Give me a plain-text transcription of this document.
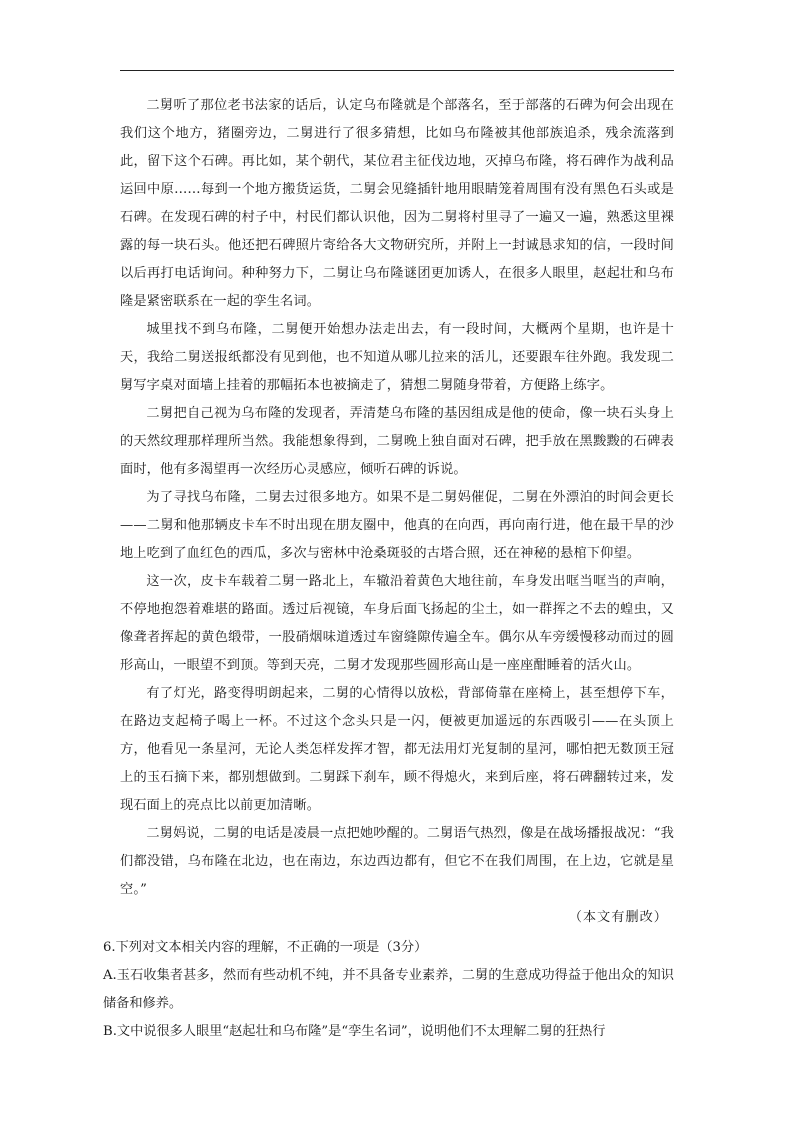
二舅听了那位老书法家的话后，认定乌布隆就是个部落名，至于部落的石碑为何会出现在我们这个地方，猪圈旁边，二舅进行了很多猜想，比如乌布隆被其他部族追杀，残余流落到此，留下这个石碑。再比如，某个朝代，某位君主征伐边地，灭掉乌布隆，将石碑作为战利品运回中原……每到一个地方搬货运货，二舅会见缝插针地用眼睛笼着周围有没有黑色石头或是石碑。在发现石碑的村子中，村民们都认识他，因为二舅将村里寻了一遍又一遍，熟悉这里裸露的每一块石头。他还把石碑照片寄给各大文物研究所，并附上一封诚恳求知的信，一段时间以后再打电话询问。种种努力下，二舅让乌布隆谜团更加诱人，在很多人眼里，赵起壮和乌布隆是紧密联系在一起的孪生名词。

城里找不到乌布隆，二舅便开始想办法走出去，有一段时间，大概两个星期，也许是十天，我给二舅送报纸都没有见到他，也不知道从哪儿拉来的活儿，还要跟车往外跑。我发现二舅写字桌对面墙上挂着的那幅拓本也被摘走了，猜想二舅随身带着，方便路上练字。

二舅把自己视为乌布隆的发现者，弄清楚乌布隆的基因组成是他的使命，像一块石头身上的天然纹理那样理所当然。我能想象得到，二舅晚上独自面对石碑，把手放在黑黢黢的石碑表面时，他有多渴望再一次经历心灵感应，倾听石碑的诉说。

为了寻找乌布隆，二舅去过很多地方。如果不是二舅妈催促，二舅在外漂泊的时间会更长——二舅和他那辆皮卡车不时出现在朋友圈中，他真的在向西，再向南行进，他在最干旱的沙地上吃到了血红色的西瓜，多次与密林中沧桑斑驳的古塔合照，还在神秘的悬棺下仰望。

这一次，皮卡车载着二舅一路北上，车辙沿着黄色大地往前，车身发出哐当哐当的声响，不停地抱怨着难堪的路面。透过后视镜，车身后面飞扬起的尘土，如一群挥之不去的蝗虫，又像聋者挥起的黄色缎带，一股硝烟味道透过车窗缝隙传遍全车。偶尔从车旁缓慢移动而过的圆形高山，一眼望不到顶。等到天亮，二舅才发现那些圆形高山是一座座酣睡着的活火山。

有了灯光，路变得明朗起来，二舅的心情得以放松，背部倚靠在座椅上，甚至想停下车，在路边支起椅子喝上一杯。不过这个念头只是一闪，便被更加遥远的东西吸引——在头顶上方，他看见一条星河，无论人类怎样发挥才智，都无法用灯光复制的星河，哪怕把无数顶王冠上的玉石摘下来，都别想做到。二舅踩下刹车，顾不得熄火，来到后座，将石碑翻转过来，发现石面上的亮点比以前更加清晰。

二舅妈说，二舅的电话是凌晨一点把她吵醒的。二舅语气热烈，像是在战场播报战况：“我们都没错，乌布隆在北边，也在南边，东边西边都有，但它不在我们周围，在上边，它就是星空。”

（本文有删改）

6.下列对文本相关内容的理解，不正确的一项是（3分）

A.玉石收集者甚多，然而有些动机不纯，并不具备专业素养，二舅的生意成功得益于他出众的知识储备和修养。

B.文中说很多人眼里“赵起壮和乌布隆”是“孪生名词”，说明他们不太理解二舅的狂热行
